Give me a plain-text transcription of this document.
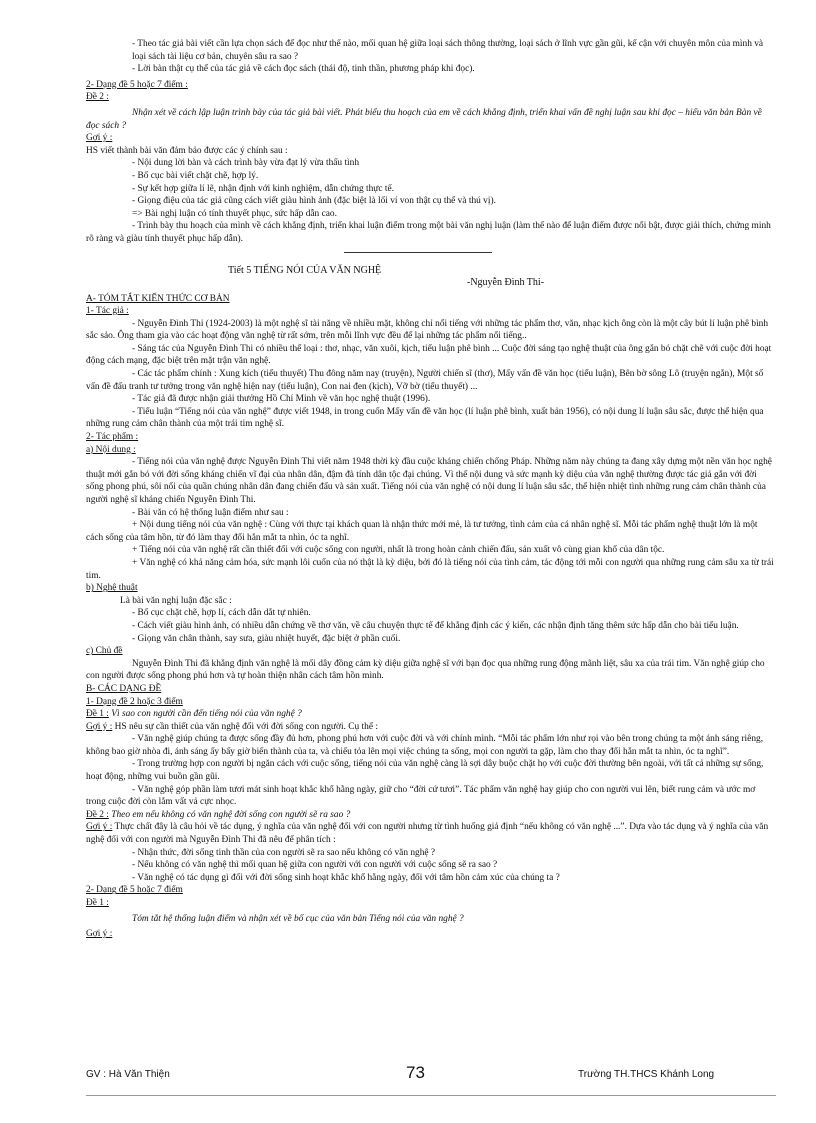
- Theo tác giả bài viết cần lựa chọn sách để đọc như thế nào, mối quan hệ giữa loại sách thông thường, loại sách ở lĩnh vực gần gũi, kế cận với chuyên môn của mình và loại sách tài liệu cơ bản, chuyên sâu ra sao ?

- Lời bàn thật cụ thể của tác giả về cách đọc sách (thái độ, tinh thần, phương pháp khi đọc).

2- Dạng đề 5 hoặc 7 điểm :

Đề 2 :

Nhận xét về cách lập luận trình bày của tác giả bài viết. Phát biểu thu hoạch của em về cách khẳng định, triển khai vấn đề nghị luận sau khi đọc – hiểu văn bản Bàn về đọc sách ?

Gợi ý :

HS viết thành bài văn đảm bảo được các ý chính sau :

- Nội dung lời bàn và cách trình bày vừa đạt lý vừa thấu tình

- Bố cục bài viết chặt chẽ, hợp lý.

- Sự kết hợp giữa lí lẽ, nhận định với kinh nghiệm, dẫn chứng thực tế.

- Giọng điệu của tác giả cũng cách viết giàu hình ảnh (đặc biệt là lối ví von thật cụ thể và thú vị).

=> Bài nghị luận có tính thuyết phục, sức hấp dẫn cao.

- Trình bày thu hoạch của mình về cách khẳng định, triển khai luận điểm trong một bài văn nghị luận (làm thế nào để luận điểm được nổi bật, được giải thích, chứng minh rõ ràng và giàu tính thuyết phục hấp dẫn).

Tiết 5 TIẾNG NÓI CỦA VĂN NGHỆ
-Nguyễn Đình Thi-

A- TÓM TẮT KIẾN THỨC CƠ BẢN

1- Tác giả :

- Nguyễn Đình Thi (1924-2003) là một nghệ sĩ tài năng về nhiều mặt, không chỉ nổi tiếng với những tác phẩm thơ, văn, nhạc kịch ông còn là một cây bút lí luận phê bình sắc sảo. Ông tham gia vào các hoạt động văn nghệ từ rất sớm, trên mỗi lĩnh vực đều để lại những tác phẩm nổi tiếng..

- Sáng tác của Nguyễn Đình Thi có nhiều thể loại : thơ, nhạc, văn xuôi, kịch, tiểu luận phê bình ... Cuộc đời sáng tạo nghệ thuật của ông gắn bó chặt chẽ với cuộc đời hoạt động cách mạng, đặc biệt trên mặt trận văn nghệ.

- Các tác phẩm chính : Xung kích (tiểu thuyết) Thu đông năm nay (truyện), Người chiến sĩ (thơ), Mấy vấn đề văn học (tiểu luận), Bên bờ sông Lô (truyện ngắn), Một số vấn đề đấu tranh tư tưởng trong văn nghệ hiện nay (tiểu luận), Con nai đen (kịch), Vỡ bờ (tiểu thuyết) ...

- Tác giả đã được nhận giải thưởng Hồ Chí Minh về văn học nghệ thuật (1996).

- Tiểu luận “Tiếng nói của văn nghệ” được viết 1948, in trong cuốn Mấy vấn đề văn học (lí luận phê bình, xuất bản 1956), có nội dung lí luận sâu sắc, được thể hiện qua những rung cảm chân thành của một trái tim nghệ sĩ.

2- Tác phẩm :

a) Nội dung :

- Tiếng nói của văn nghệ được Nguyễn Đình Thi viết năm 1948 thời kỳ đầu cuộc kháng chiến chống Pháp. Những năm này chúng ta đang xây dựng một nền văn học nghệ thuật mới gắn bó với đời sống kháng chiến vĩ đại của nhân dân, đậm đà tính dân tộc đại chúng. Vì thế nội dung và sức mạnh kỳ diệu của văn nghệ thường được tác giả gắn với đời sống phong phú, sôi nổi của quần chúng nhân dân đang chiến đấu và sản xuất. Tiếng nói của văn nghệ có nội dung lí luận sâu sắc, thể hiện nhiệt tình những rung cảm chân thành của người nghệ sĩ kháng chiến Nguyễn Đình Thi.

- Bài văn có hệ thống luận điểm như sau :

+ Nội dung tiếng nói của văn nghệ : Cùng với thực tại khách quan là nhận thức mới mẻ, là tư tưởng, tình cảm của cá nhân nghệ sĩ. Mỗi tác phẩm nghệ thuật lớn là một cách sống của tâm hồn, từ đó làm thay đổi hẳn mắt ta nhìn, óc ta nghĩ.

+ Tiếng nói của văn nghệ rất cần thiết đối với cuộc sống con người, nhất là trong hoàn cảnh chiến đấu, sản xuất vô cùng gian khổ của dân tộc.

+ Văn nghệ có khả năng cảm hóa, sức mạnh lôi cuốn của nó thật là kỳ diệu, bởi đó là tiếng nói của tình cảm, tác động tới mỗi con người qua những rung cảm sâu xa từ trái tim.

b) Nghệ thuật

Là bài văn nghị luận đặc sắc :

- Bố cục chặt chẽ, hợp lí, cách dẫn dắt tự nhiên.

- Cách viết giàu hình ảnh, có nhiều dẫn chứng về thơ văn, về câu chuyện thực tế để khẳng định các ý kiến, các nhận định tăng thêm sức hấp dẫn cho bài tiểu luận.

- Giọng văn chân thành, say sưa, giàu nhiệt huyết, đặc biệt ở phần cuối.

c) Chủ đề

Nguyễn Đình Thi đã khẳng định văn nghệ là mối dây đồng cảm kỳ diệu giữa nghệ sĩ với bạn đọc qua những rung động mãnh liệt, sâu xa của trái tim. Văn nghệ giúp cho con người được sống phong phú hơn và tự hoàn thiện nhân cách tâm hồn mình.

B- CÁC DẠNG ĐỀ

1- Dạng đề 2 hoặc 3 điểm

Đề 1 : Vì sao con người cần đến tiếng nói của văn nghệ ?

Gợi ý : HS nêu sự cần thiết của văn nghệ đối với đời sống con người. Cụ thể :

- Văn nghệ giúp chúng ta được sống đầy đủ hơn, phong phú hơn với cuộc đời và với chính mình. “Mỗi tác phẩm lớn như rọi vào bên trong chúng ta một ánh sáng riêng, không bao giờ nhòa đi, ánh sáng ấy bấy giờ biến thành của ta, và chiếu tỏa lên mọi việc chúng ta sống, mọi con người ta gặp, làm cho thay đổi hẳn mắt ta nhìn, óc ta nghĩ”.

- Trong trường hợp con người bị ngăn cách với cuộc sống, tiếng nói của văn nghệ càng là sợi dây buộc chặt họ với cuộc đời thường bên ngoài, với tất cả những sự sống, hoạt động, những vui buồn gần gũi.

- Văn nghệ góp phần làm tươi mát sinh hoạt khắc khổ hằng ngày, giữ cho “đời cứ tươi”. Tác phẩm văn nghệ hay giúp cho con người vui lên, biết rung cảm và ước mơ trong cuộc đời còn lắm vất vả cực nhọc.

Đề 2 : Theo em nếu không có văn nghệ đời sống con người sẽ ra sao ?

Gợi ý : Thực chất đây là câu hỏi về tác dụng, ý nghĩa của văn nghệ đối với con người nhưng từ tình huống giả định “nếu không có văn nghệ ...”. Dựa vào tác dụng và ý nghĩa của văn nghệ đối với con người mà Nguyễn Đình Thi đã nêu để phân tích :

- Nhận thức, đời sống tinh thần của con người sẽ ra sao nếu không có văn nghệ ?

- Nếu không có văn nghệ thì mối quan hệ giữa con người với con người với cuộc sống sẽ ra sao ?

- Văn nghệ có tác dụng gì đối với đời sống sinh hoạt khắc khổ hằng ngày, đối với tâm hồn cảm xúc của chúng ta ?

2- Dạng đề 5 hoặc 7 điểm

Đề 1 :

Tóm tắt hệ thống luận điểm và nhận xét về bố cục của văn bản Tiếng nói của văn nghệ ?

Gợi ý :

GV : Hà Văn Thiện	73	Trường TH.THCS Khánh Long
